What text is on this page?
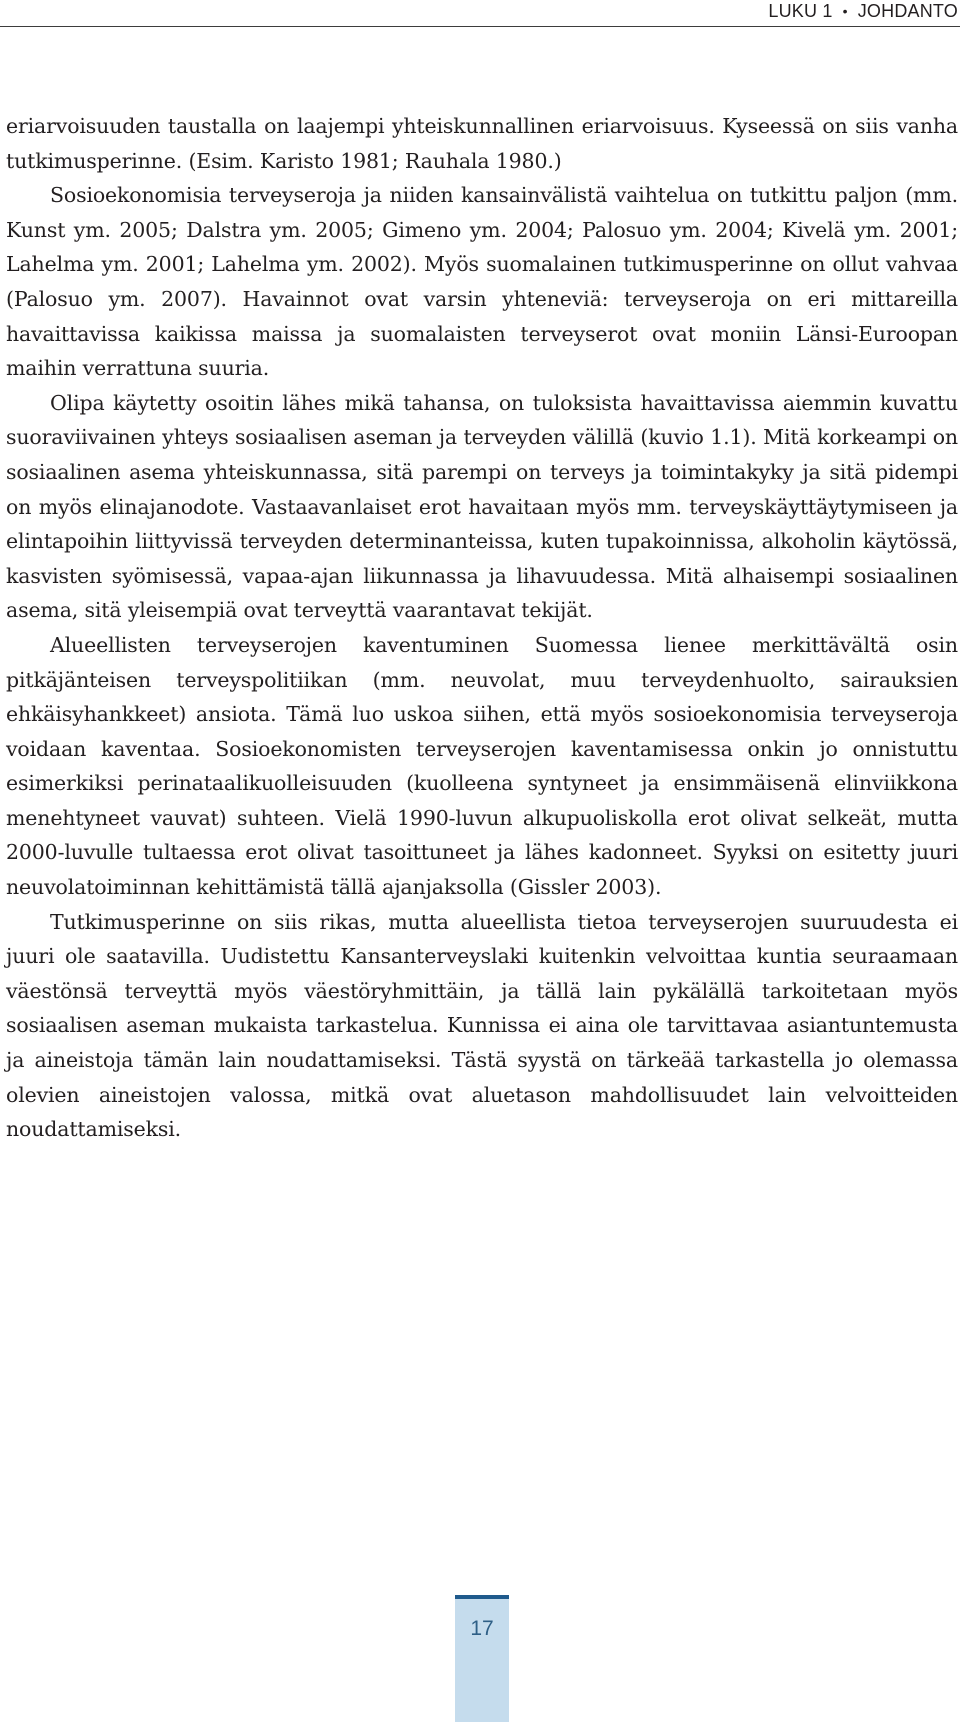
LUKU 1 • JOHDANTO

eriarvoisuuden taustalla on laajempi yhteiskunnallinen eriarvoisuus. Kyseessä on siis vanha tutkimusperinne. (Esim. Karisto 1981; Rauhala 1980.)

Sosioekonomisia terveyseroja ja niiden kansainvälistä vaihtelua on tutkittu paljon (mm. Kunst ym. 2005; Dalstra ym. 2005; Gimeno ym. 2004; Palosuo ym. 2004; Kivelä ym. 2001; Lahelma ym. 2001; Lahelma ym. 2002). Myös suomalainen tutkimusperinne on ollut vahvaa (Palosuo ym. 2007). Havainnot ovat varsin yhteneviä: terveyseroja on eri mittareilla havaittavissa kaikissa maissa ja suomalaisten terveyserot ovat moniin Länsi-Euroopan maihin verrattuna suuria.

Olipa käytetty osoitin lähes mikä tahansa, on tuloksista havaittavissa aiemmin kuvattu suoraviivainen yhteys sosiaalisen aseman ja terveyden välillä (kuvio 1.1). Mitä korkeampi on sosiaalinen asema yhteiskunnassa, sitä parempi on terveys ja toimintakyky ja sitä pidempi on myös elinajanodote. Vastaavanlaiset erot havaitaan myös mm. terveyskäyttäytymiseen ja elintapoihin liittyvissä terveyden determinanteissa, kuten tupakoinnissa, alkoholin käytössä, kasvisten syömisessä, vapaa-ajan liikunnassa ja lihavuudessa. Mitä alhaisempi sosiaalinen asema, sitä yleisempiä ovat terveyttä vaarantavat tekijät.

Alueellisten terveyserojen kaventuminen Suomessa lienee merkittävältä osin pitkäjänteisen terveyspolitiikan (mm. neuvolat, muu terveydenhuolto, sairauksien ehkäisyhankkeet) ansiota. Tämä luo uskoa siihen, että myös sosioekonomisia terveyseroja voidaan kaventaa. Sosioekonomisten terveyserojen kaventamisessa onkin jo onnistuttu esimerkiksi perinataalikuolleisuuden (kuolleena syntyneet ja ensimmäisenä elinviikkona menehtyneet vauvat) suhteen. Vielä 1990-luvun alkupuoliskolla erot olivat selkeät, mutta 2000-luvulle tultaessa erot olivat tasoittuneet ja lähes kadonneet. Syyksi on esitetty juuri neuvolatoiminnan kehittämistä tällä ajanjaksolla (Gissler 2003).

Tutkimusperinne on siis rikas, mutta alueellista tietoa terveyserojen suuruudesta ei juuri ole saatavilla. Uudistettu Kansanterveyslaki kuitenkin velvoittaa kuntia seuraamaan väestönsä terveyttä myös väestöryhmittäin, ja tällä lain pykälällä tarkoitetaan myös sosiaalisen aseman mukaista tarkastelua. Kunnissa ei aina ole tarvittavaa asiantuntemusta ja aineistoja tämän lain noudattamiseksi. Tästä syystä on tärkeää tarkastella jo olemassa olevien aineistojen valossa, mitkä ovat aluetason mahdollisuudet lain velvoitteiden noudattamiseksi.

17
